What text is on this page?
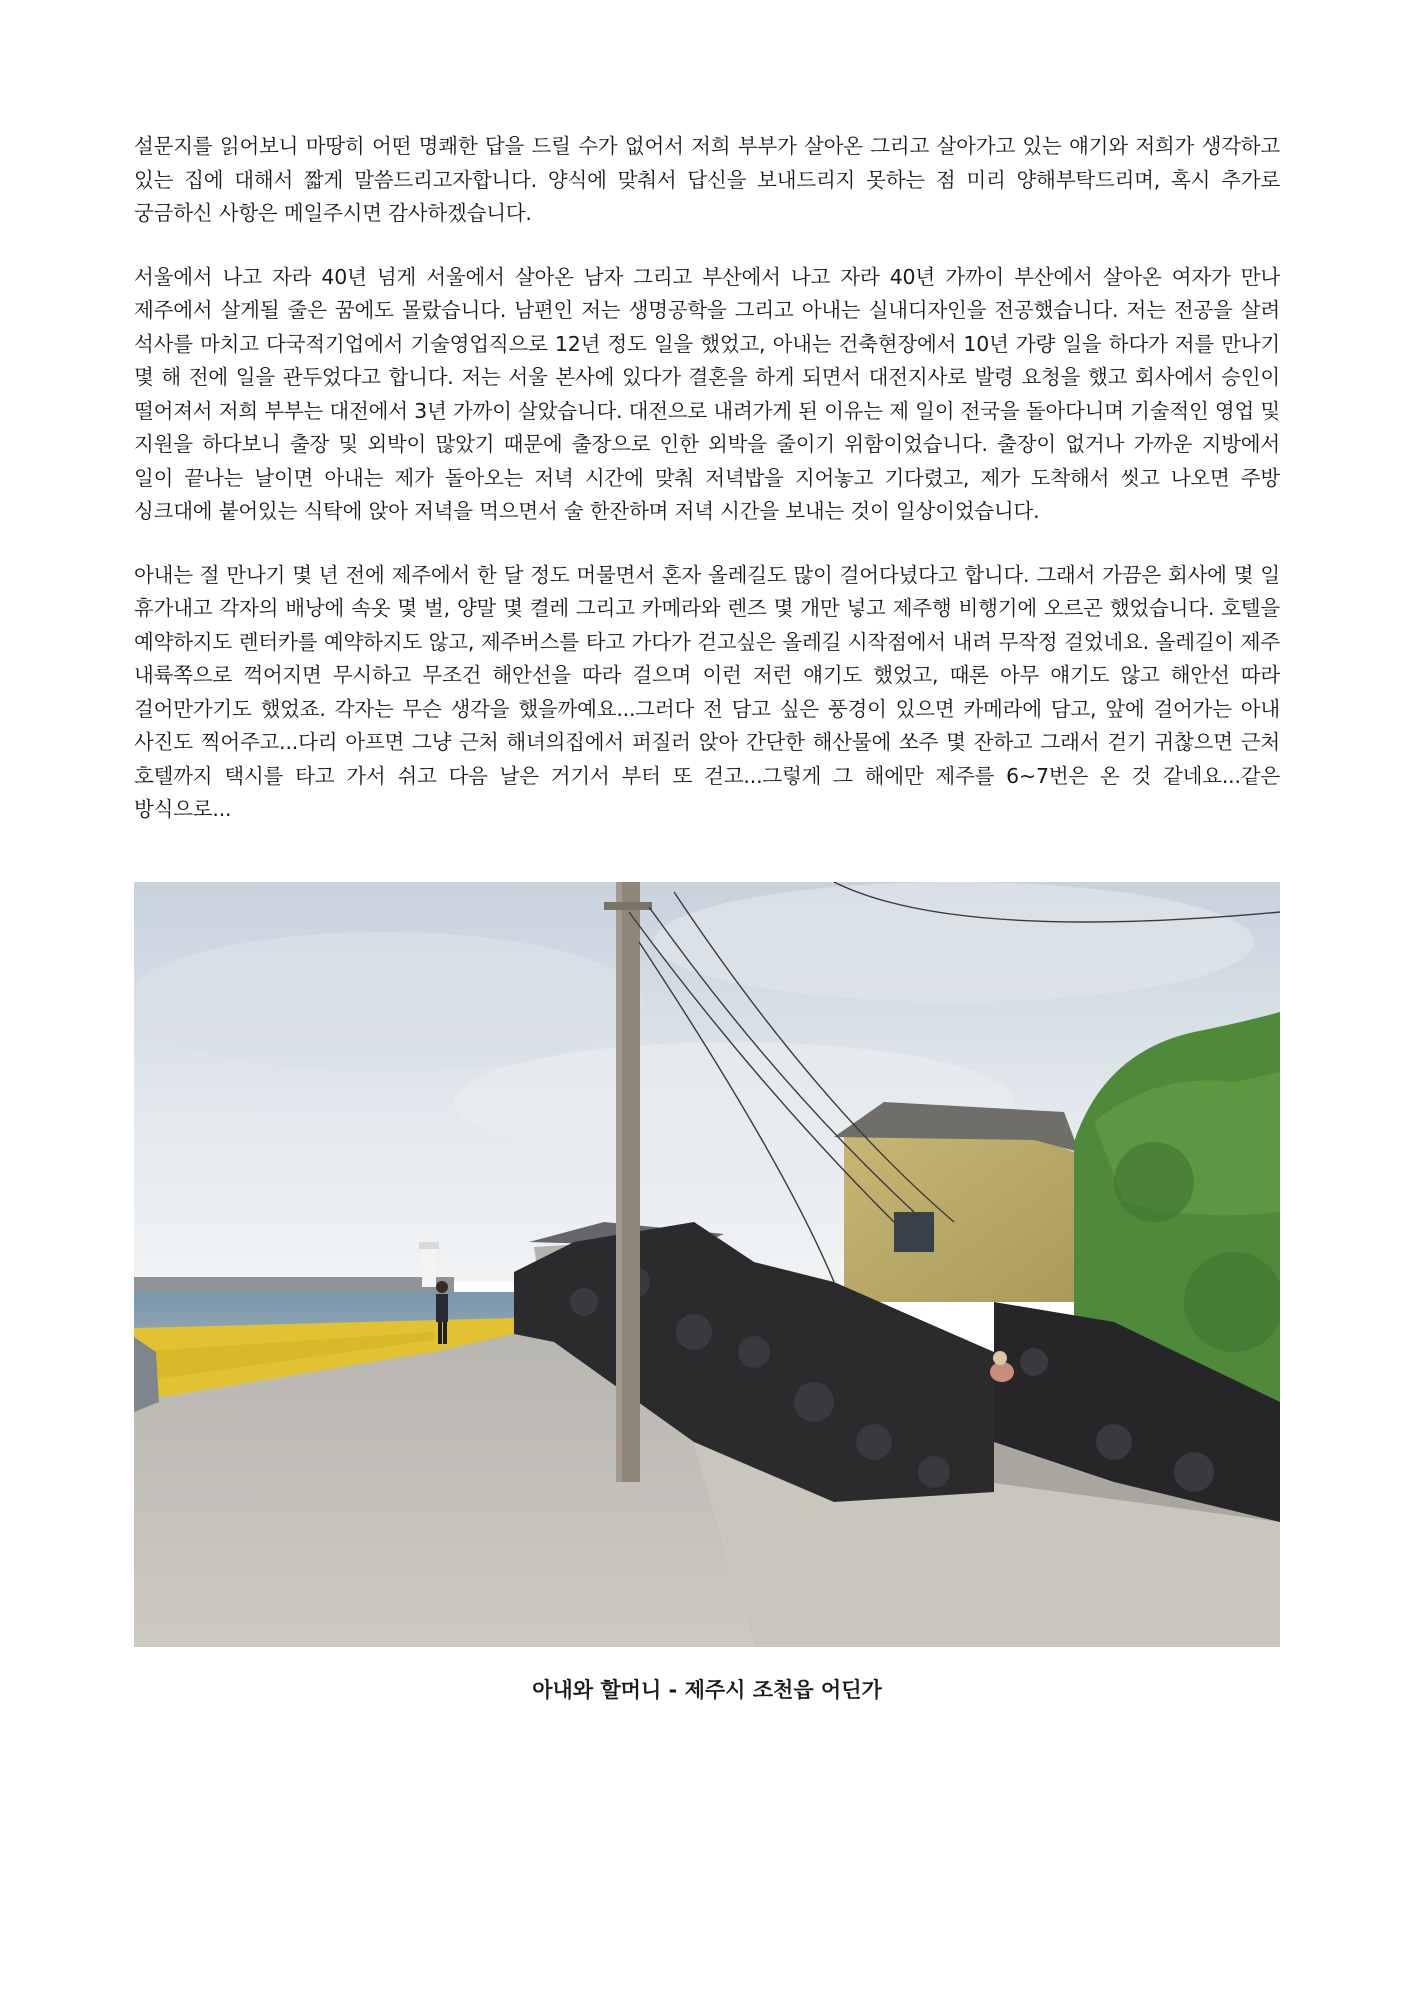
설문지를 읽어보니 마땅히 어떤 명쾌한 답을 드릴 수가 없어서 저희 부부가 살아온 그리고 살아가고 있는 얘기와 저희가 생각하고 있는 집에 대해서 짧게 말씀드리고자합니다. 양식에 맞춰서 답신을 보내드리지 못하는 점 미리 양해부탁드리며, 혹시 추가로 궁금하신 사항은 메일주시면 감사하겠습니다.

서울에서 나고 자라 40년 넘게 서울에서 살아온 남자 그리고 부산에서 나고 자라 40년 가까이 부산에서 살아온 여자가 만나 제주에서 살게될 줄은 꿈에도 몰랐습니다. 남편인 저는 생명공학을 그리고 아내는 실내디자인을 전공했습니다. 저는 전공을 살려 석사를 마치고 다국적기업에서 기술영업직으로 12년 정도 일을 했었고, 아내는 건축현장에서 10년 가량 일을 하다가 저를 만나기 몇 해 전에 일을 관두었다고 합니다. 저는 서울 본사에 있다가 결혼을 하게 되면서 대전지사로 발령 요청을 했고 회사에서 승인이 떨어져서 저희 부부는 대전에서 3년 가까이 살았습니다. 대전으로 내려가게 된 이유는 제 일이 전국을 돌아다니며 기술적인 영업 및 지원을 하다보니 출장 및 외박이 많았기 때문에 출장으로 인한 외박을 줄이기 위함이었습니다. 출장이 없거나 가까운 지방에서 일이 끝나는 날이면 아내는 제가 돌아오는 저녁 시간에 맞춰 저녁밥을 지어놓고 기다렸고, 제가 도착해서 씻고 나오면 주방 싱크대에 붙어있는 식탁에 앉아 저녁을 먹으면서 술 한잔하며 저녁 시간을 보내는 것이 일상이었습니다.

아내는 절 만나기 몇 년 전에 제주에서 한 달 정도 머물면서 혼자 올레길도 많이 걸어다녔다고 합니다. 그래서 가끔은 회사에 몇 일 휴가내고 각자의 배낭에 속옷 몇 벌, 양말 몇 켤레 그리고 카메라와 렌즈 몇 개만 넣고 제주행 비행기에 오르곤 했었습니다. 호텔을 예약하지도 렌터카를 예약하지도 않고, 제주버스를 타고 가다가 걷고싶은 올레길 시작점에서 내려 무작정 걸었네요. 올레길이 제주 내륙쪽으로 꺽어지면 무시하고 무조건 해안선을 따라 걸으며 이런 저런 얘기도 했었고, 때론 아무 얘기도 않고 해안선 따라 걸어만가기도 했었죠. 각자는 무슨 생각을 했을까예요...그러다 전 담고 싶은 풍경이 있으면 카메라에 담고, 앞에 걸어가는 아내 사진도 찍어주고...다리 아프면 그냥 근처 해녀의집에서 퍼질러 앉아 간단한 해산물에 쏘주 몇 잔하고 그래서 걷기 귀찮으면 근처 호텔까지 택시를 타고 가서 쉬고 다음 날은 거기서 부터 또 걷고...그렇게 그 해에만 제주를 6~7번은 온 것 같네요...같은 방식으로...

아내와 할머니 - 제주시 조천읍 어딘가
